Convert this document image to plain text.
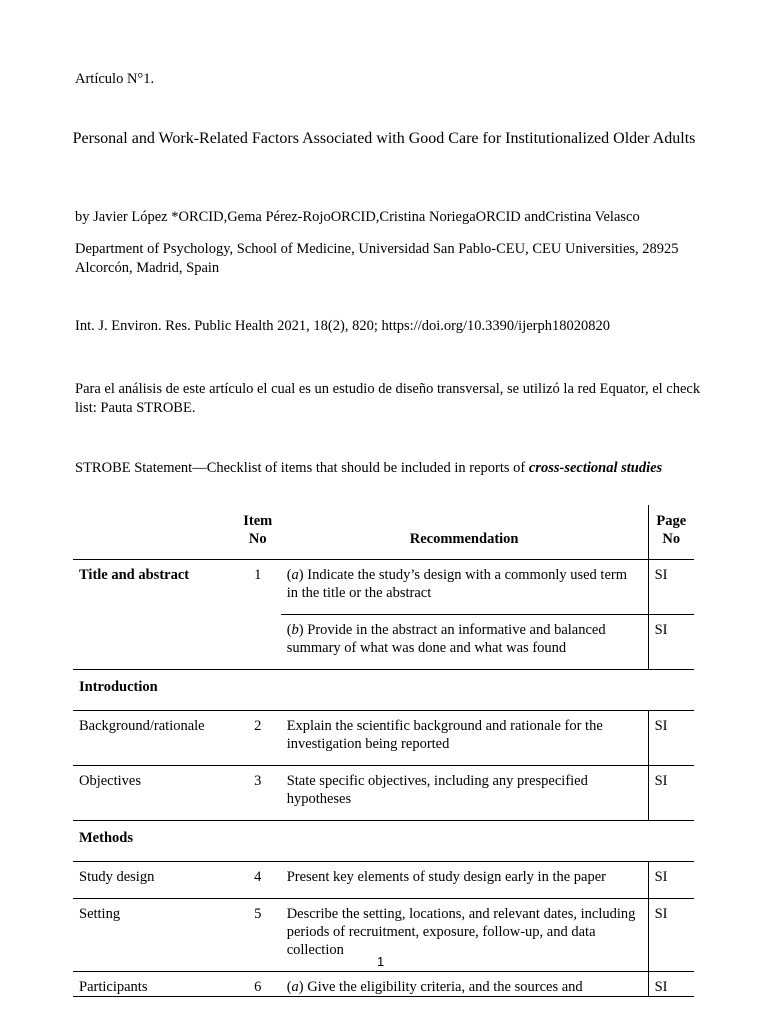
Artículo N°1.
Personal and Work-Related Factors Associated with Good Care for Institutionalized Older Adults
by Javier López *ORCID,Gema Pérez-RojoORCID,Cristina NoriegaORCID andCristina Velasco
Department of Psychology, School of Medicine, Universidad San Pablo-CEU, CEU Universities, 28925 Alcorcón, Madrid, Spain
Int. J. Environ. Res. Public Health 2021, 18(2), 820; https://doi.org/10.3390/ijerph18020820
Para el análisis de este artículo el cual es un estudio de diseño transversal, se utilizó la red Equator, el check list: Pauta STROBE.
STROBE Statement—Checklist of items that should be included in reports of cross-sectional studies
	Item No	Recommendation	Page No
Title and abstract	1	(a) Indicate the study’s design with a commonly used term in the title or the abstract	SI
		(b) Provide in the abstract an informative and balanced summary of what was done and what was found	SI
Introduction			
Background/rationale	2	Explain the scientific background and rationale for the investigation being reported	SI
Objectives	3	State specific objectives, including any prespecified hypotheses	SI
Methods			
Study design	4	Present key elements of study design early in the paper	SI
Setting	5	Describe the setting, locations, and relevant dates, including periods of recruitment, exposure, follow-up, and data collection	SI
Participants	6	(a) Give the eligibility criteria, and the sources and	SI
1
